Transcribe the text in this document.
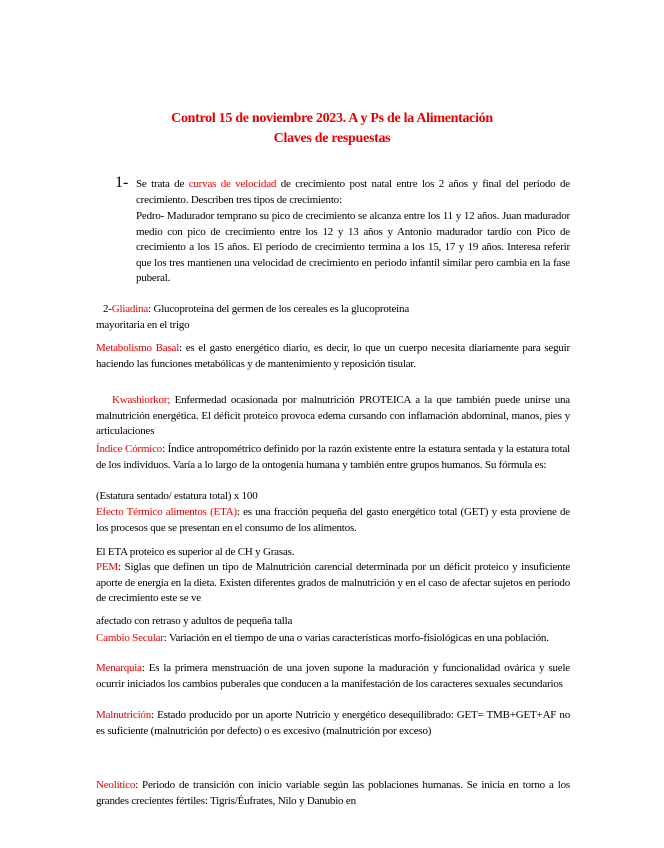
Control 15 de noviembre 2023. A y Ps de la Alimentación
Claves de respuestas
1- Se trata de curvas de velocidad de crecimiento post natal entre los 2 años y final del periodo de crecimiento. Describen tres tipos de crecimiento:
Pedro- Madurador temprano su pico de crecimiento se alcanza entre los 11 y 12 años. Juan madurador medio con pico de crecimiento entre los 12 y 13 años y Antonio madurador tardío con Pico de crecimiento a los 15 años. El periodo de crecimiento termina a los 15, 17 y 19 años. Interesa referir que los tres mantienen una velocidad de crecimiento en periodo infantil similar pero cambia en la fase puberal.
2-Gliadina: Glucoproteína del germen de los cereales es la glucoproteína
mayoritaria en el trigo
Metabolismo Basal: es el gasto energético diario, es decir, lo que un cuerpo necesita diariamente para seguir haciendo las funciones metabólicas y de mantenimiento y reposición tisular.
Kwashiorkor; Enfermedad ocasionada por malnutrición PROTEICA a la que también puede unirse una malnutrición energética. El déficit proteico provoca edema cursando con inflamación abdominal, manos, pies y articulaciones
Índice Córmico: Índice antropométrico definido por la razón existente entre la estatura sentada y la estatura total de los individuos. Varía a lo largo de la ontogenia humana y también entre grupos humanos. Su fórmula es:
(Estatura sentado/ estatura total) x 100
Efecto Térmico alimentos (ETA): es una fracción pequeña del gasto energético total (GET) y esta proviene de los procesos que se presentan en el consumo de los alimentos.
El ETA proteico es superior al de CH y Grasas.
PEM: Siglas que definen un tipo de Malnutrición carencial determinada por un déficit proteico y insuficiente aporte de energía en la dieta. Existen diferentes grados de malnutrición y en el caso de afectar sujetos en periodo de crecimiento este se ve
afectado con retraso y adultos de pequeña talla
Cambio Secular: Variación en el tiempo de una o varias características morfo-fisiológicas en una población.
Menarquia: Es la primera menstruación de una joven supone la maduración y funcionalidad ovárica y suele ocurrir iniciados los cambios puberales que conducen a la manifestación de los caracteres sexuales secundarios
Malnutrición: Estado producido por un aporte Nutricio y energético desequilibrado: GET= TMB+GET+AF no es suficiente (malnutrición por defecto) o es excesivo (malnutrición por exceso)
Neolítico: Periodo de transición con inicio variable según las poblaciones humanas. Se inicia en torno a los grandes crecientes fértiles: Tigris/Éufrates, Nilo y Danubio en
